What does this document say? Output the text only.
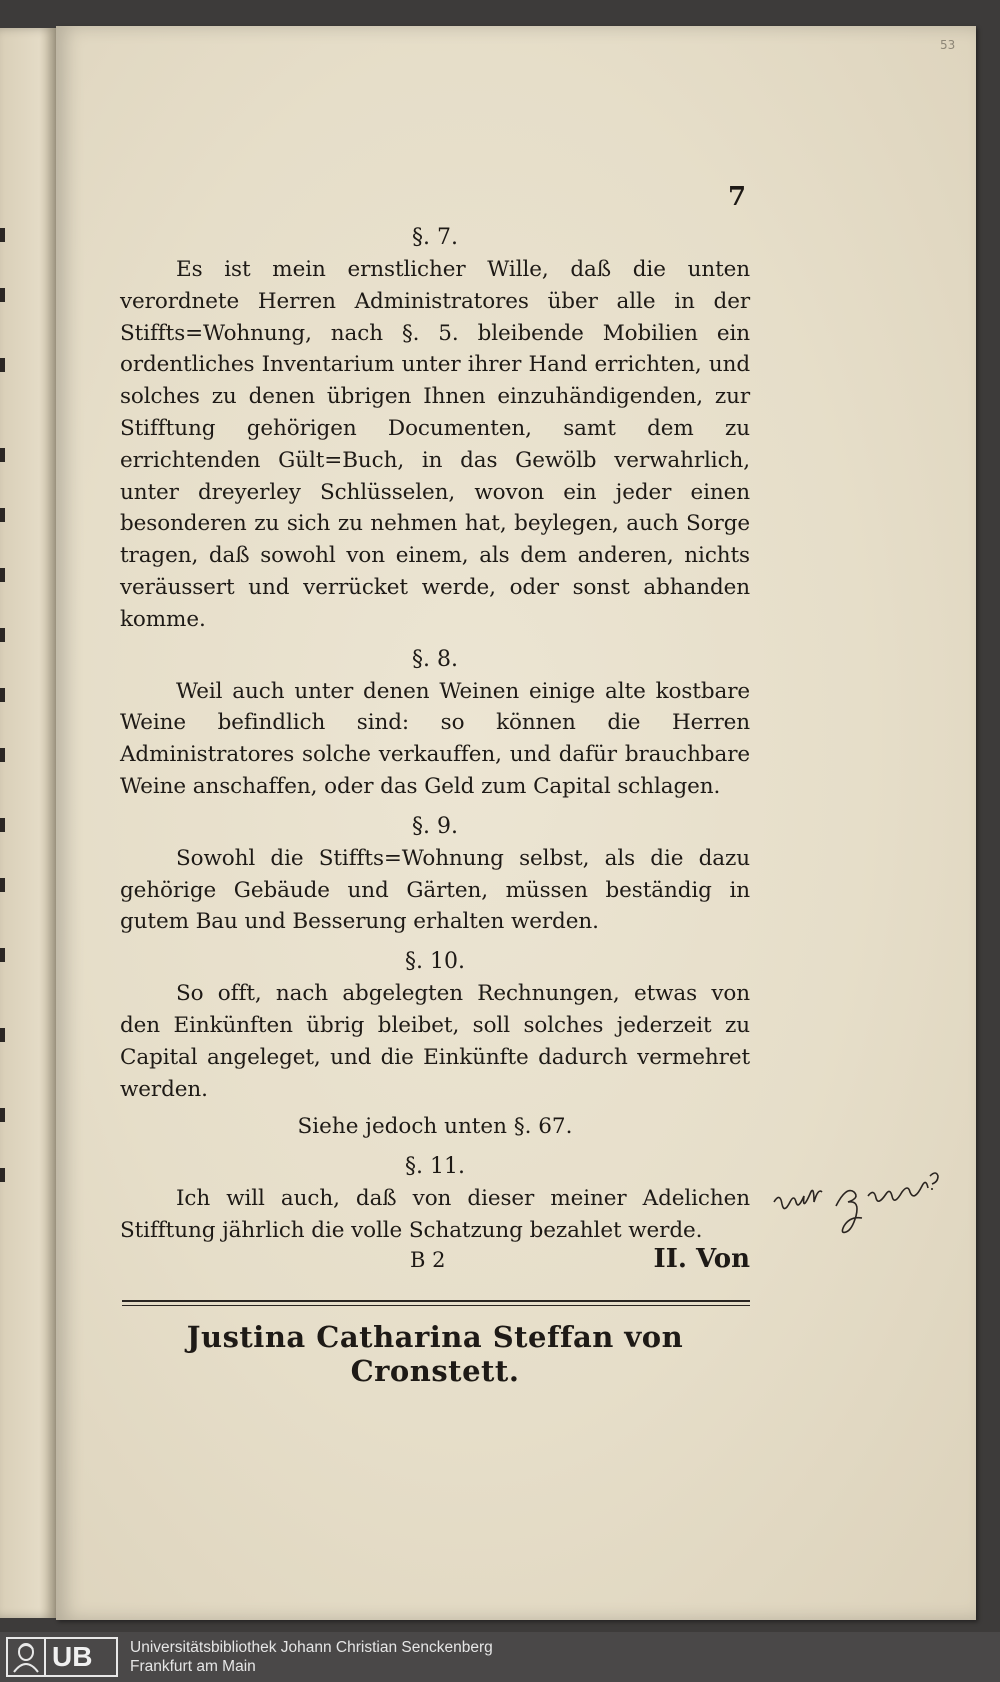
53
7

§. 7.

Es ist mein ernstlicher Wille, daß die unten verordnete Herren Administratores über alle in der Stiffts=Wohnung, nach §. 5. bleibende Mobilien ein ordentliches Inventarium unter ihrer Hand errichten, und solches zu denen übrigen Ihnen einzuhändigenden, zur Stifftung gehörigen Documenten, samt dem zu errichtenden Gült=Buch, in das Gewölb verwahrlich, unter dreyerley Schlüsselen, wovon ein jeder einen besonderen zu sich zu nehmen hat, beylegen, auch Sorge tragen, daß sowohl von einem, als dem anderen, nichts veräussert und verrücket werde, oder sonst abhanden komme.

§. 8.

Weil auch unter denen Weinen einige alte kostbare Weine befindlich sind: so können die Herren Administratores solche verkauffen, und dafür brauchbare Weine anschaffen, oder das Geld zum Capital schlagen.

§. 9.

Sowohl die Stiffts=Wohnung selbst, als die dazu gehörige Gebäude und Gärten, müssen beständig in gutem Bau und Besserung erhalten werden.

§. 10.

So offt, nach abgelegten Rechnungen, etwas von den Einkünften übrig bleibet, soll solches jederzeit zu Capital angeleget, und die Einkünfte dadurch vermehret werden.

Siehe jedoch unten §. 67.

§. 11.

Ich will auch, daß von dieser meiner Adelichen Stifftung jährlich die volle Schatzung bezahlet werde.

B 2	II. Von
Justina Catharina Steffan von Cronstett.
UB Universitätsbibliothek Johann Christian Senckenberg
Frankfurt am Main
